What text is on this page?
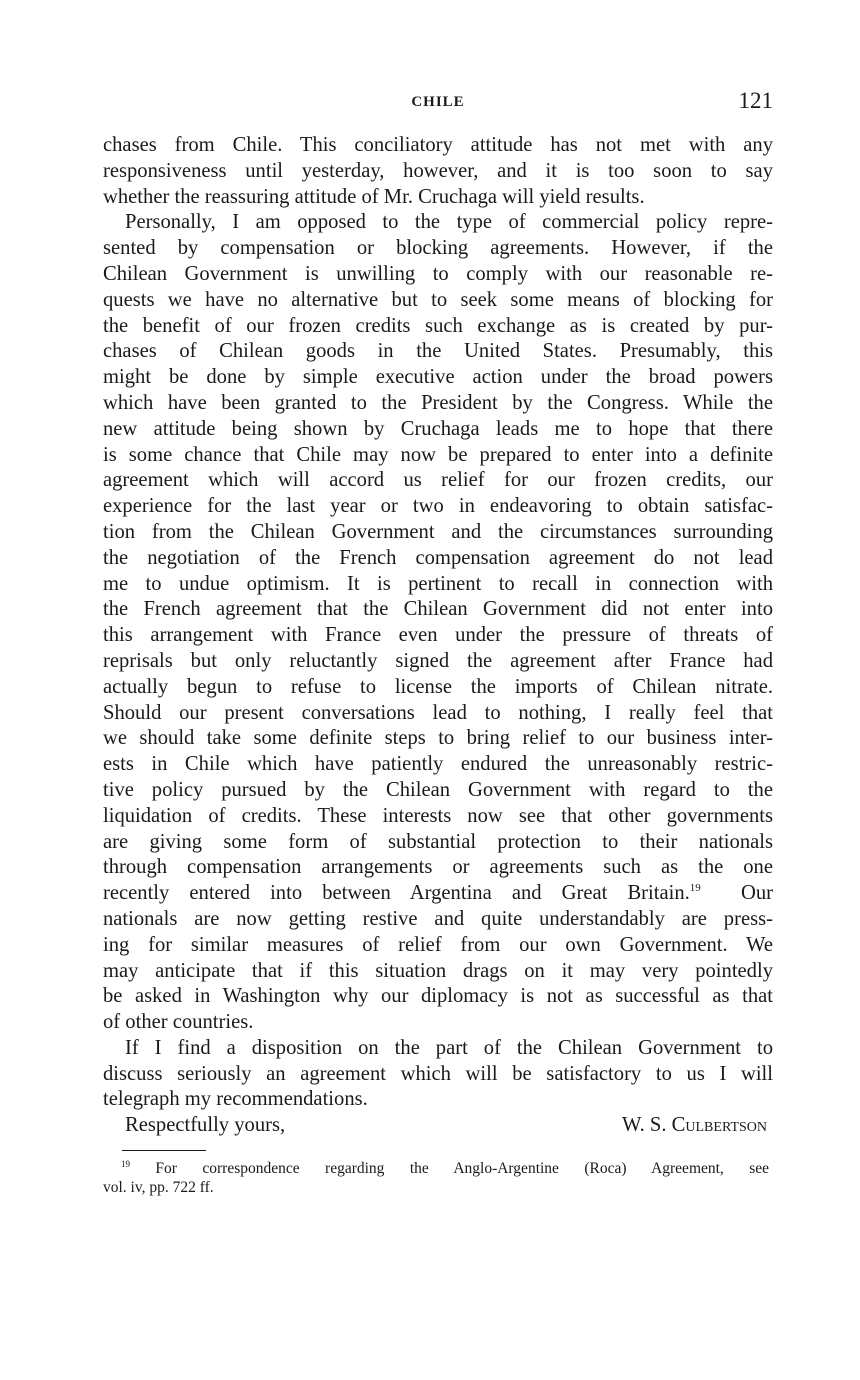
CHILE	121
chases from Chile. This conciliatory attitude has not met with any
responsiveness until yesterday, however, and it is too soon to say
whether the reassuring attitude of Mr. Cruchaga will yield results.
Personally, I am opposed to the type of commercial policy repre-
sented by compensation or blocking agreements. However, if the
Chilean Government is unwilling to comply with our reasonable re-
quests we have no alternative but to seek some means of blocking for
the benefit of our frozen credits such exchange as is created by pur-
chases of Chilean goods in the United States. Presumably, this
might be done by simple executive action under the broad powers
which have been granted to the President by the Congress. While the
new attitude being shown by Cruchaga leads me to hope that there
is some chance that Chile may now be prepared to enter into a definite
agreement which will accord us relief for our frozen credits, our
experience for the last year or two in endeavoring to obtain satisfac-
tion from the Chilean Government and the circumstances surrounding
the negotiation of the French compensation agreement do not lead
me to undue optimism. It is pertinent to recall in connection with
the French agreement that the Chilean Government did not enter into
this arrangement with France even under the pressure of threats of
reprisals but only reluctantly signed the agreement after France had
actually begun to refuse to license the imports of Chilean nitrate.
Should our present conversations lead to nothing, I really feel that
we should take some definite steps to bring relief to our business inter-
ests in Chile which have patiently endured the unreasonably restric-
tive policy pursued by the Chilean Government with regard to the
liquidation of credits. These interests now see that other governments
are giving some form of substantial protection to their nationals
through compensation arrangements or agreements such as the one
recently entered into between Argentina and Great Britain.$^{19}$ Our
nationals are now getting restive and quite understandably are press-
ing for similar measures of relief from our own Government. We
may anticipate that if this situation drags on it may very pointedly
be asked in Washington why our diplomacy is not as successful as that
of other countries.
If I find a disposition on the part of the Chilean Government to
discuss seriously an agreement which will be satisfactory to us I will
telegraph my recommendations.
Respectfully yours,	W. S. Culbertson
$^{19}$ For correspondence regarding the Anglo-Argentine (Roca) Agreement, see
vol. iv, pp. 722 ff.
